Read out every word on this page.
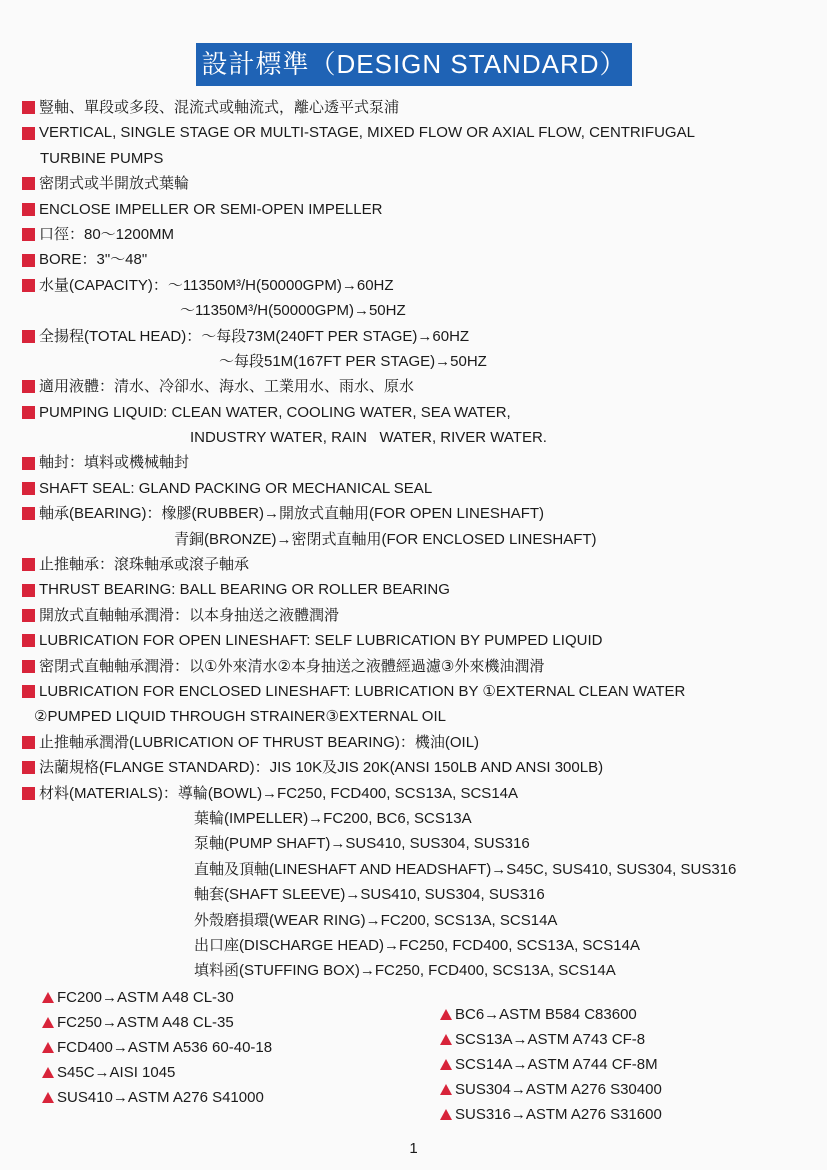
設計標準（DESIGN STANDARD）
豎軸、單段或多段、混流式或軸流式，離心透平式泵浦
VERTICAL, SINGLE STAGE OR MULTI-STAGE, MIXED FLOW OR AXIAL FLOW, CENTRIFUGAL
TURBINE PUMPS
密閉式或半開放式葉輪
ENCLOSE IMPELLER OR SEMI-OPEN IMPELLER
口徑：80～1200MM
BORE：3"～48"
水量(CAPACITY)：～11350M³/H(50000GPM)→60HZ
～11350M³/H(50000GPM)→50HZ
全揚程(TOTAL HEAD)：～每段73M(240FT PER STAGE)→60HZ
～每段51M(167FT PER STAGE)→50HZ
適用液體：清水、冷卻水、海水、工業用水、雨水、原水
PUMPING LIQUID: CLEAN WATER, COOLING WATER, SEA WATER,
INDUSTRY WATER, RAIN   WATER, RIVER WATER.
軸封：填料或機械軸封
SHAFT SEAL: GLAND PACKING OR MECHANICAL SEAL
軸承(BEARING)：橡膠(RUBBER)→開放式直軸用(FOR OPEN LINESHAFT)
青銅(BRONZE)→密閉式直軸用(FOR ENCLOSED LINESHAFT)
止推軸承：滾珠軸承或滾子軸承
THRUST BEARING: BALL BEARING OR ROLLER BEARING
開放式直軸軸承潤滑：以本身抽送之液體潤滑
LUBRICATION FOR OPEN LINESHAFT: SELF LUBRICATION BY PUMPED LIQUID
密閉式直軸軸承潤滑：以①外來清水②本身抽送之液體經過濾③外來機油潤滑
LUBRICATION FOR ENCLOSED LINESHAFT: LUBRICATION BY ①EXTERNAL CLEAN WATER
②PUMPED LIQUID THROUGH STRAINER③EXTERNAL OIL
止推軸承潤滑(LUBRICATION OF THRUST BEARING)：機油(OIL)
法蘭規格(FLANGE STANDARD)：JIS 10K及JIS 20K(ANSI 150LB AND ANSI 300LB)
材料(MATERIALS)：導輪(BOWL)→FC250, FCD400, SCS13A, SCS14A
葉輪(IMPELLER)→FC200, BC6, SCS13A
泵軸(PUMP SHAFT)→SUS410, SUS304, SUS316
直軸及頂軸(LINESHAFT AND HEADSHAFT)→S45C, SUS410, SUS304, SUS316
軸套(SHAFT SLEEVE)→SUS410, SUS304, SUS316
外殼磨損環(WEAR RING)→FC200, SCS13A, SCS14A
出口座(DISCHARGE HEAD)→FC250, FCD400, SCS13A, SCS14A
填料函(STUFFING BOX)→FC250, FCD400, SCS13A, SCS14A
FC200→ASTM A48 CL-30
FC250→ASTM A48 CL-35
FCD400→ASTM A536 60-40-18
S45C→AISI 1045
SUS410→ASTM A276 S41000
BC6→ASTM B584 C83600
SCS13A→ASTM A743 CF-8
SCS14A→ASTM A744 CF-8M
SUS304→ASTM A276 S30400
SUS316→ASTM A276 S31600
1
